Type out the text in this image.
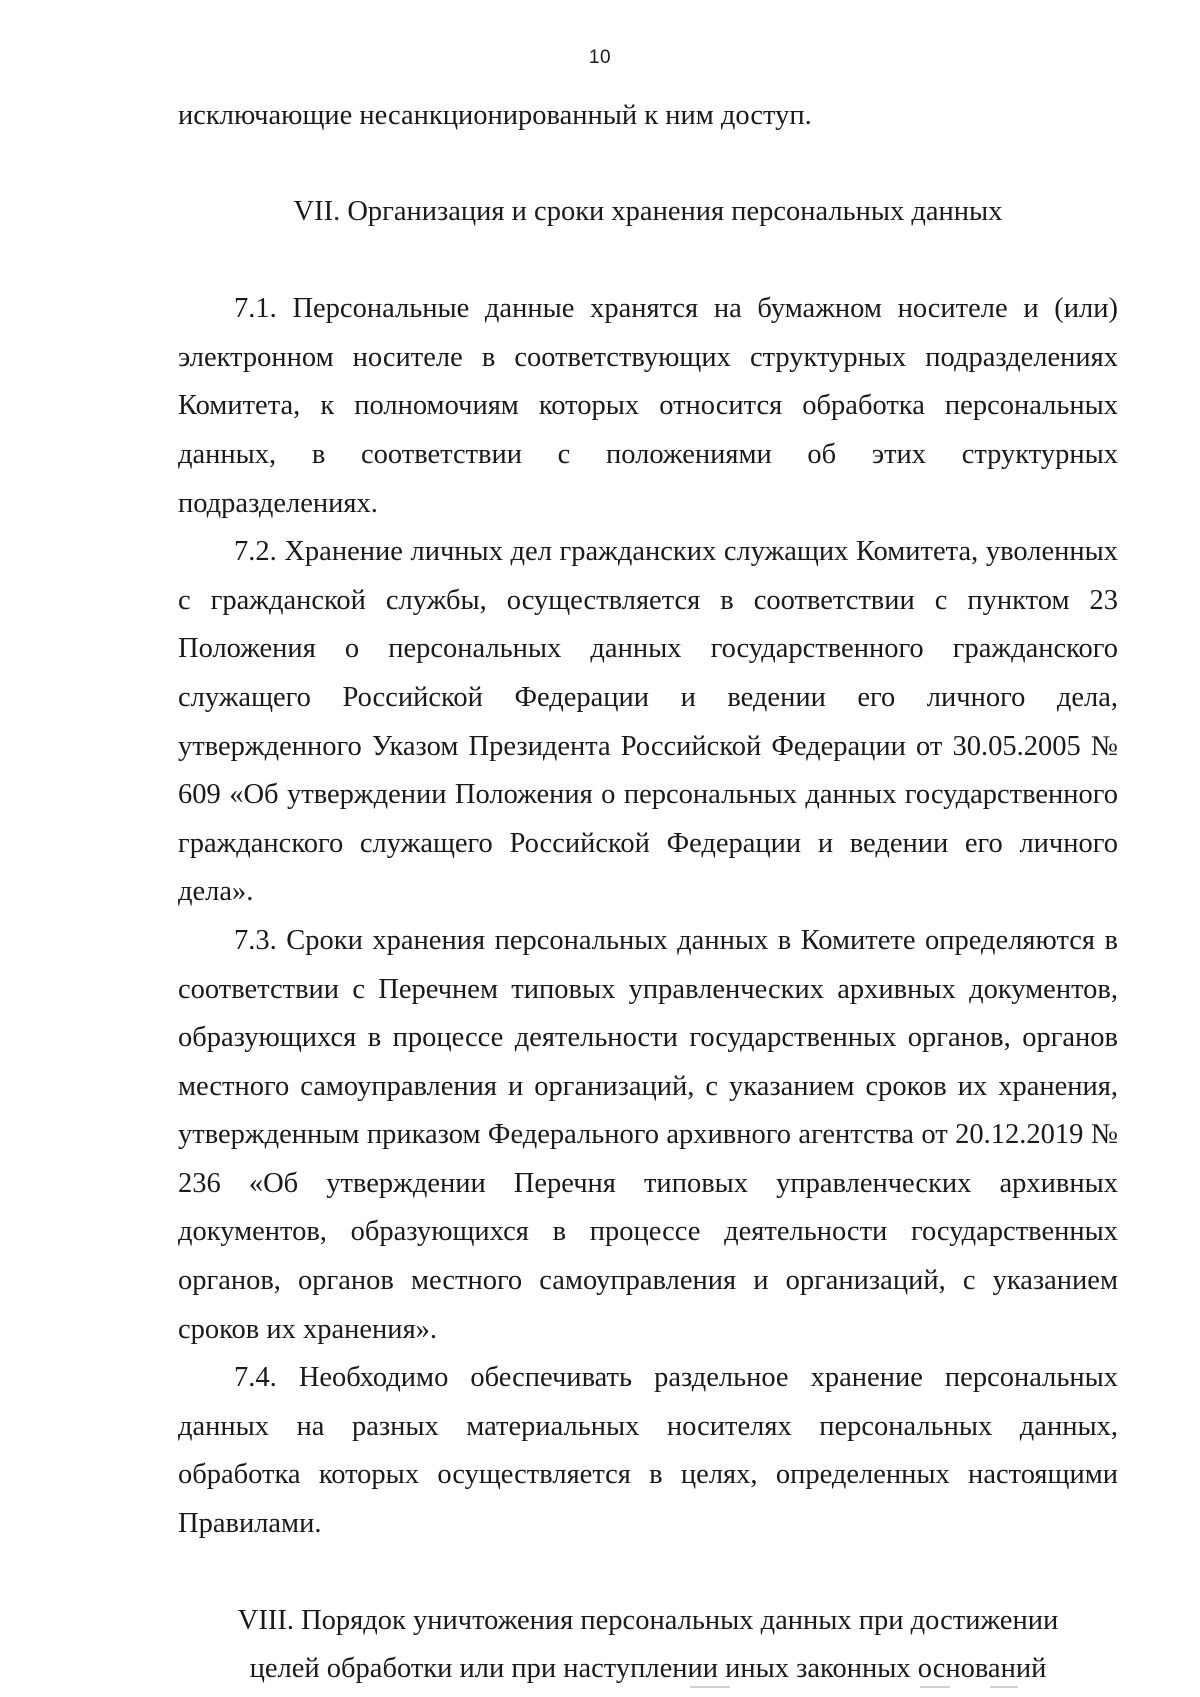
10

исключающие несанкционированный к ним доступ.

VII. Организация и сроки хранения персональных данных

7.1. Персональные данные хранятся на бумажном носителе и (или) электронном носителе в соответствующих структурных подразделениях Комитета, к полномочиям которых относится обработка персональных данных, в соответствии с положениями об этих структурных подразделениях.

7.2. Хранение личных дел гражданских служащих Комитета, уволенных с гражданской службы, осуществляется в соответствии с пунктом 23 Положения о персональных данных государственного гражданского служащего Российской Федерации и ведении его личного дела, утвержденного Указом Президента Российской Федерации от 30.05.2005 № 609 «Об утверждении Положения о персональных данных государственного гражданского служащего Российской Федерации и ведении его личного дела».

7.3. Сроки хранения персональных данных в Комитете определяются в соответствии с Перечнем типовых управленческих архивных документов, образующихся в процессе деятельности государственных органов, органов местного самоуправления и организаций, с указанием сроков их хранения, утвержденным приказом Федерального архивного агентства от 20.12.2019 № 236 «Об утверждении Перечня типовых управленческих архивных документов, образующихся в процессе деятельности государственных органов, органов местного самоуправления и организаций, с указанием сроков их хранения».

7.4. Необходимо обеспечивать раздельное хранение персональных данных на разных материальных носителях персональных данных, обработка которых осуществляется в целях, определенных настоящими Правилами.

VIII. Порядок уничтожения персональных данных при достижении
целей обработки или при наступлении иных законных оснований
